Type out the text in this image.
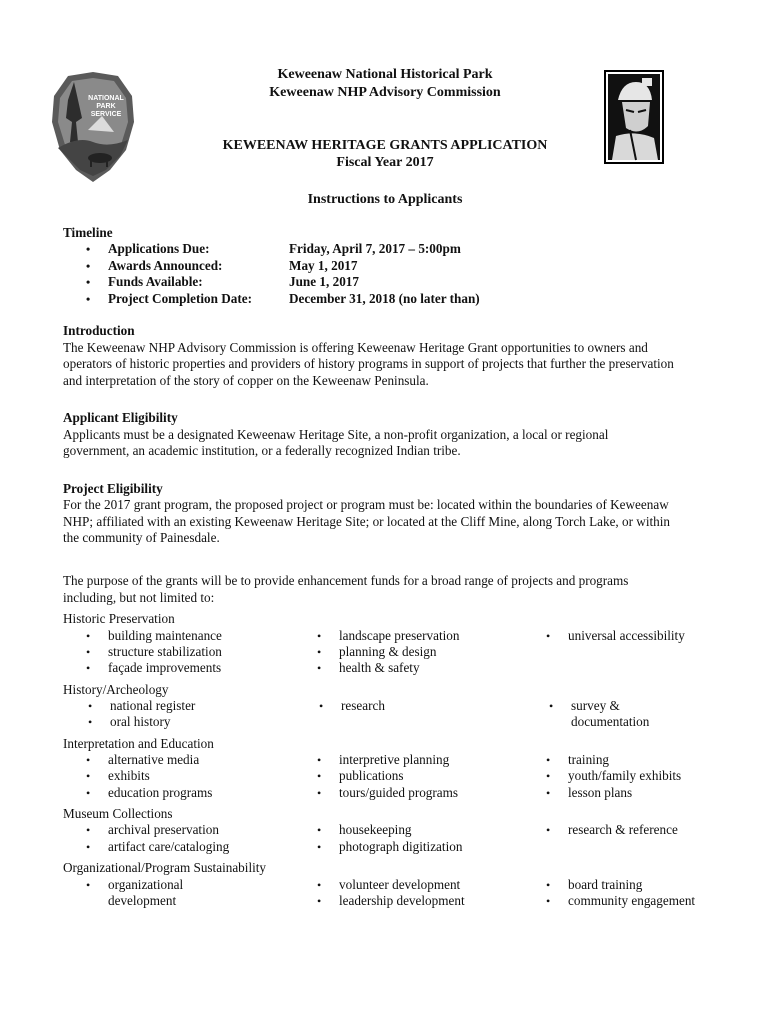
NATIONAL
PARK
SERVICE
Keweenaw National Historical Park
Keweenaw NHP Advisory Commission
KEWEENAW HERITAGE GRANTS APPLICATION
Fiscal Year 2017
Instructions to Applicants
Timeline
• Applications Due:	Friday, April 7, 2017 – 5:00pm
• Awards Announced:	May 1, 2017
• Funds Available:	June 1, 2017
• Project Completion Date:	December 31, 2018 (no later than)
Introduction
The Keweenaw NHP Advisory Commission is offering Keweenaw Heritage Grant opportunities to owners and
operators of historic properties and providers of history programs in support of projects that further the preservation
and interpretation of the story of copper on the Keweenaw Peninsula.
Applicant Eligibility
Applicants must be a designated Keweenaw Heritage Site, a non-profit organization, a local or regional
government, an academic institution, or a federally recognized Indian tribe.
Project Eligibility
For the 2017 grant program, the proposed project or program must be: located within the boundaries of Keweenaw
NHP; affiliated with an existing Keweenaw Heritage Site; or located at the Cliff Mine, along Torch Lake, or within
the community of Painesdale.
The purpose of the grants will be to provide enhancement funds for a broad range of projects and programs
including, but not limited to:
Historic Preservation
• building maintenance
• structure stabilization
• façade improvements
• landscape preservation
• planning & design
• health & safety
• universal accessibility
History/Archeology
• national register
• oral history
• research
•	survey &
documentation
Interpretation and Education
• alternative media
• exhibits
• education programs
• interpretive planning
• publications
• tours/guided programs
• training
• youth/family exhibits
• lesson plans
Museum Collections
• archival preservation
• artifact care/cataloging
• housekeeping
• photograph digitization
• research & reference
Organizational/Program Sustainability
• organizational
development
• volunteer development
• leadership development
• board training
• community engagement
